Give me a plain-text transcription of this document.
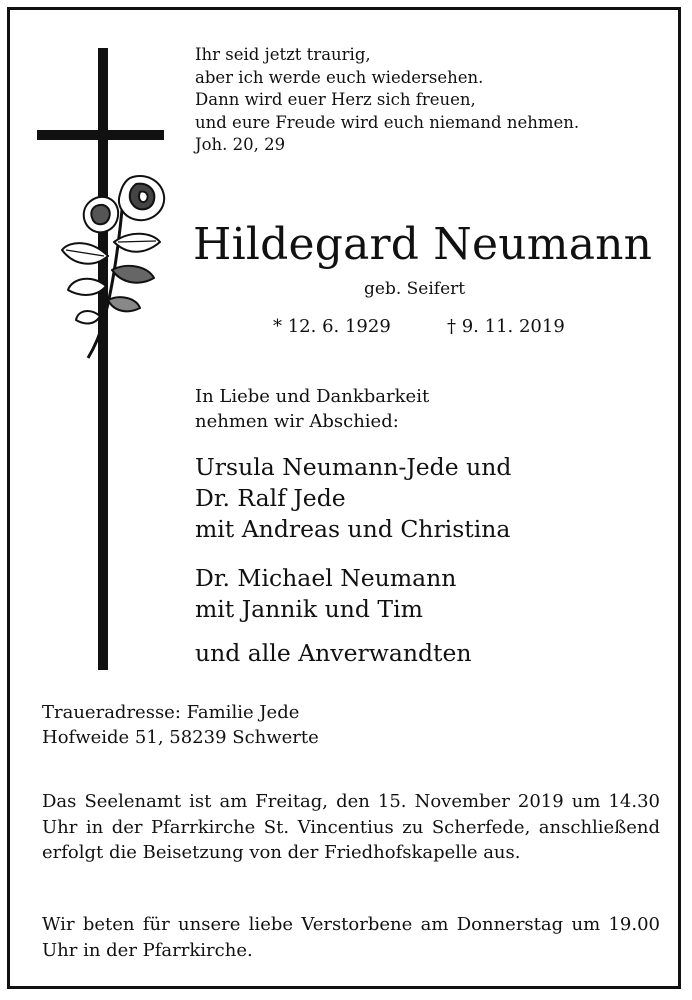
Ihr seid jetzt traurig,
aber ich werde euch wiedersehen.
Dann wird euer Herz sich freuen,
und eure Freude wird euch niemand nehmen.
Joh. 20, 29
Hildegard Neumann
geb. Seifert
* 12. 6. 1929	† 9. 11. 2019
In Liebe und Dankbarkeit
nehmen wir Abschied:
Ursula Neumann-Jede und
Dr. Ralf Jede
mit Andreas und Christina
Dr. Michael Neumann
mit Jannik und Tim
und alle Anverwandten
Traueradresse: Familie Jede
Hofweide 51, 58239 Schwerte
Das Seelenamt ist am Freitag, den 15. November 2019 um 14.30 Uhr in der Pfarrkirche St. Vincentius zu Scherfede, anschließend erfolgt die Beisetzung von der Friedhofskapelle aus.
Wir beten für unsere liebe Verstorbene am Donnerstag um 19.00 Uhr in der Pfarrkirche.
